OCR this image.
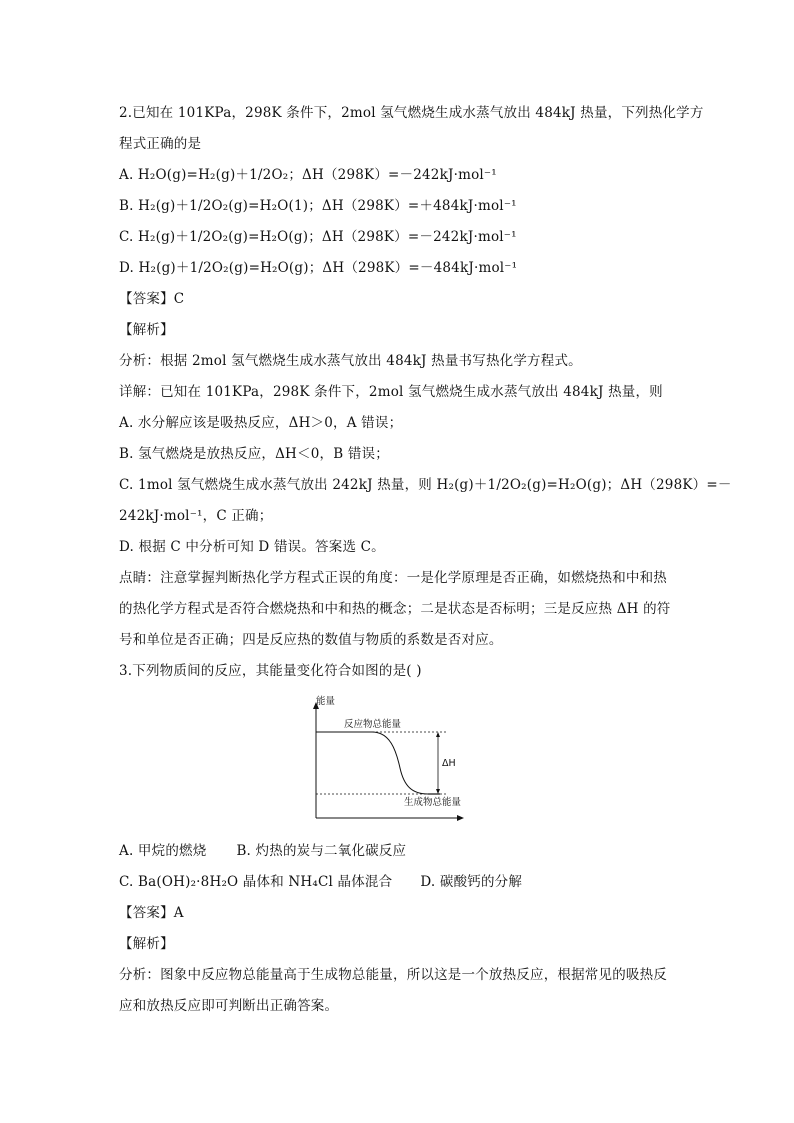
2.已知在 101KPa，298K 条件下，2mol 氢气燃烧生成水蒸气放出 484kJ 热量，下列热化学方
程式正确的是
A. H₂O(g)=H₂(g)＋1/2O₂；ΔH（298K）=－242kJ·mol⁻¹
B. H₂(g)＋1/2O₂(g)=H₂O(1)；ΔH（298K）=＋484kJ·mol⁻¹
C. H₂(g)＋1/2O₂(g)=H₂O(g)；ΔH（298K）=－242kJ·mol⁻¹
D. H₂(g)＋1/2O₂(g)=H₂O(g)；ΔH（298K）=－484kJ·mol⁻¹
【答案】C
【解析】
分析：根据 2mol 氢气燃烧生成水蒸气放出 484kJ 热量书写热化学方程式。
详解：已知在 101KPa，298K 条件下，2mol 氢气燃烧生成水蒸气放出 484kJ 热量，则
A. 水分解应该是吸热反应，ΔH＞0，A 错误；
B. 氢气燃烧是放热反应，ΔH＜0，B 错误；
C. 1mol 氢气燃烧生成水蒸气放出 242kJ 热量，则 H₂(g)＋1/2O₂(g)=H₂O(g)；ΔH（298K）=－
242kJ·mol⁻¹，C 正确；
D. 根据 C 中分析可知 D 错误。答案选 C。
点睛：注意掌握判断热化学方程式正误的角度：一是化学原理是否正确，如燃烧热和中和热
的热化学方程式是否符合燃烧热和中和热的概念；二是状态是否标明；三是反应热 ΔH 的符
号和单位是否正确；四是反应热的数值与物质的系数是否对应。
3.下列物质间的反应，其能量变化符合如图的是( )
能量
反应物总能量
生成物总能量
ΔH
A. 甲烷的燃烧 B. 灼热的炭与二氧化碳反应
C. Ba(OH)₂·8H₂O 晶体和 NH₄Cl 晶体混合 D. 碳酸钙的分解
【答案】A
【解析】
分析：图象中反应物总能量高于生成物总能量，所以这是一个放热反应，根据常见的吸热反
应和放热反应即可判断出正确答案。
